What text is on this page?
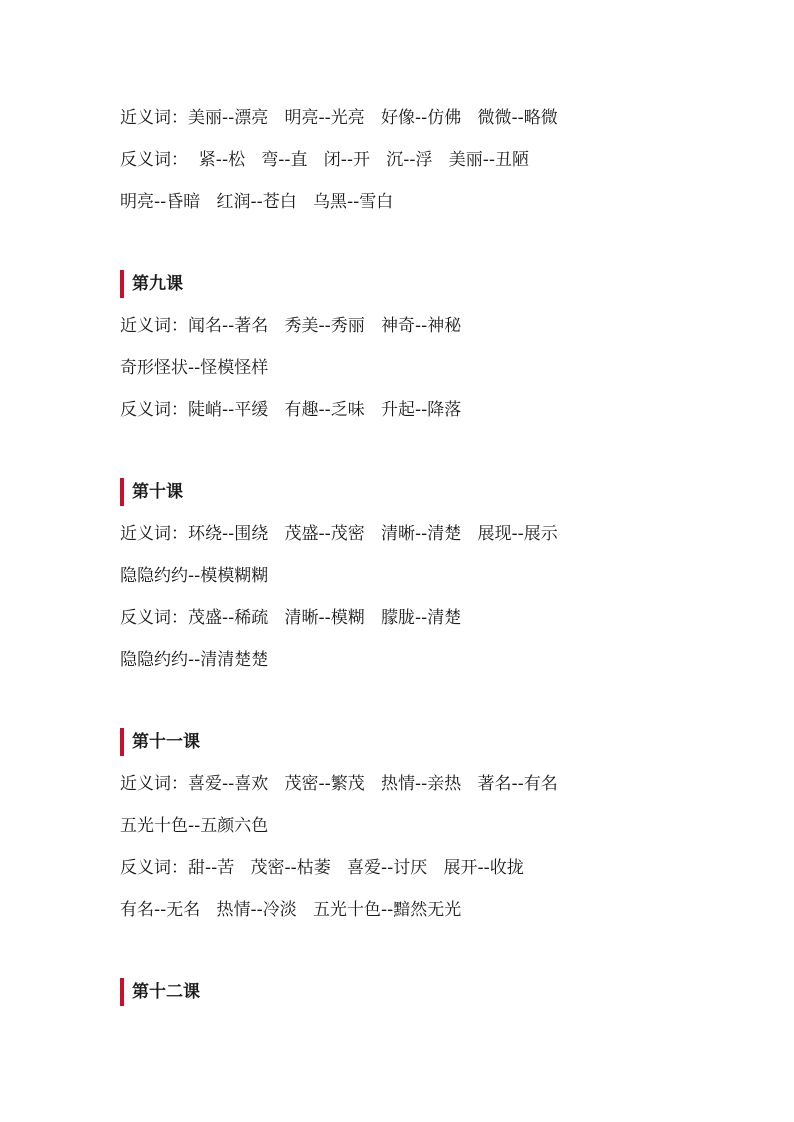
近义词：美丽--漂亮   明亮--光亮   好像--仿佛   微微--略微

反义词：  紧--松   弯--直   闭--开   沉--浮   美丽--丑陋

明亮--昏暗   红润--苍白   乌黑--雪白

第九课

近义词：闻名--著名   秀美--秀丽   神奇--神秘

奇形怪状--怪模怪样

反义词：陡峭--平缓   有趣--乏味   升起--降落

第十课

近义词：环绕--围绕   茂盛--茂密   清晰--清楚   展现--展示

隐隐约约--模模糊糊

反义词：茂盛--稀疏   清晰--模糊   朦胧--清楚

隐隐约约--清清楚楚

第十一课

近义词：喜爱--喜欢   茂密--繁茂   热情--亲热   著名--有名

五光十色--五颜六色

反义词：甜--苦   茂密--枯萎   喜爱--讨厌   展开--收拢

有名--无名   热情--冷淡   五光十色--黯然无光

第十二课
